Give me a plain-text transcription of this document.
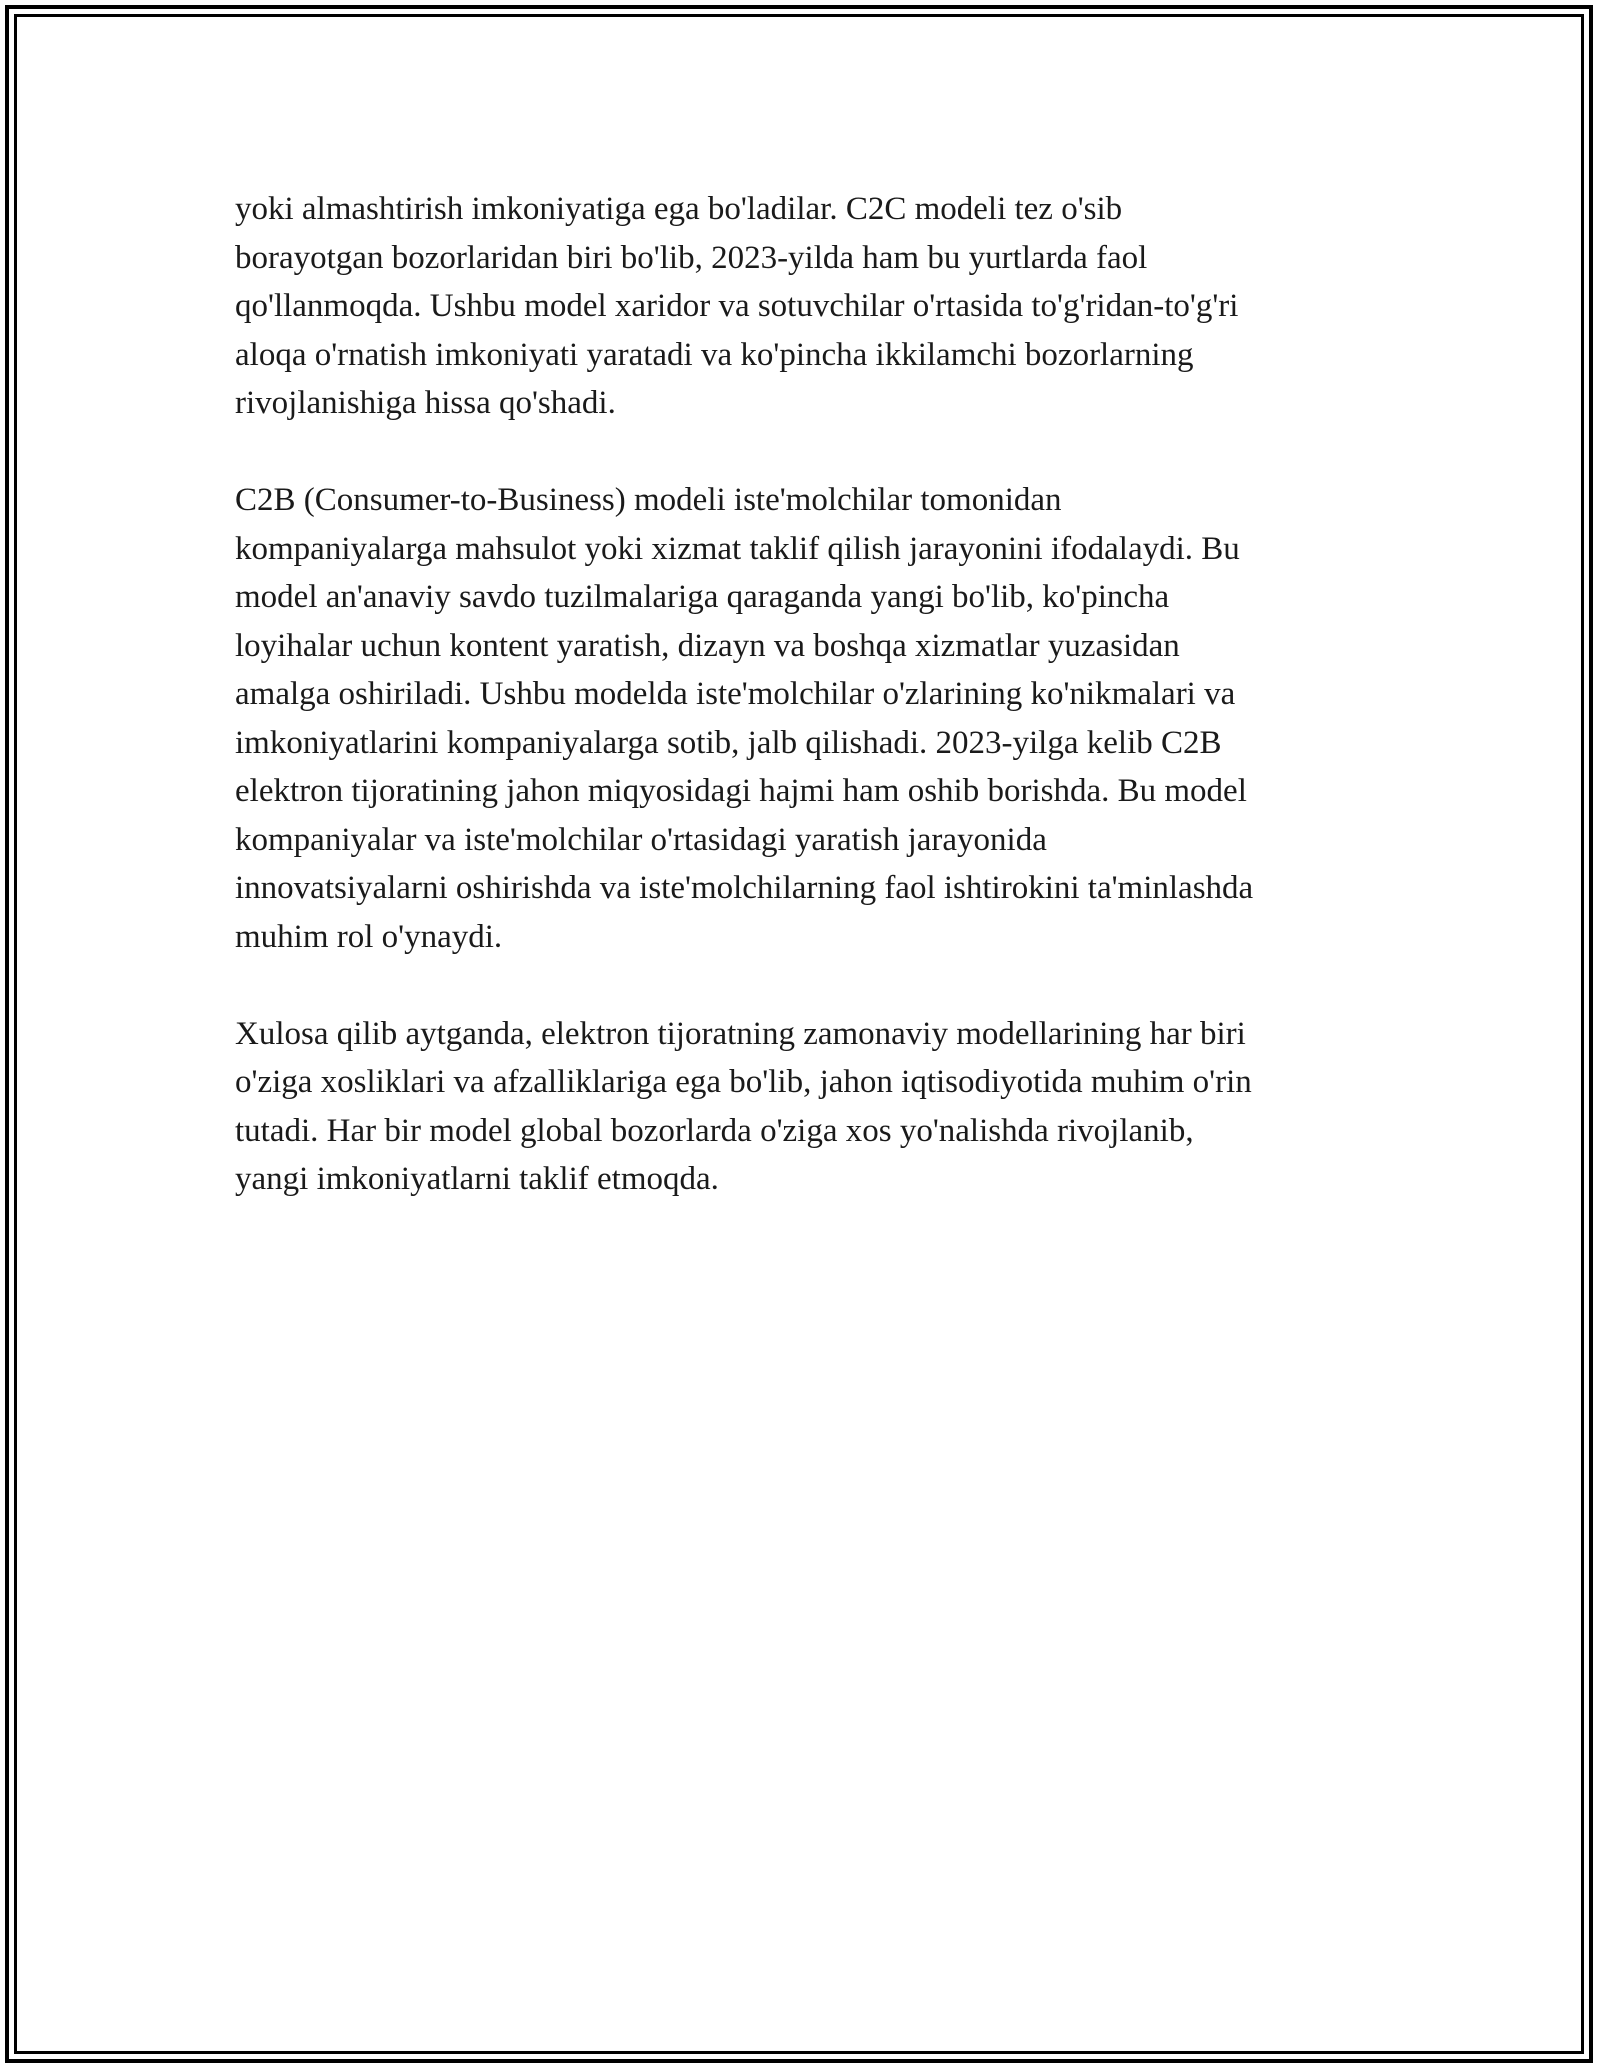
yoki almashtirish imkoniyatiga ega bo'ladilar. C2C modeli tez o'sib
borayotgan bozorlaridan biri bo'lib, 2023-yilda ham bu yurtlarda faol
qo'llanmoqda. Ushbu model xaridor va sotuvchilar o'rtasida to'g'ridan-to'g'ri
aloqa o'rnatish imkoniyati yaratadi va ko'pincha ikkilamchi bozorlarning
rivojlanishiga hissa qo'shadi.

C2B (Consumer-to-Business) modeli iste'molchilar tomonidan
kompaniyalarga mahsulot yoki xizmat taklif qilish jarayonini ifodalaydi. Bu
model an'anaviy savdo tuzilmalariga qaraganda yangi bo'lib, ko'pincha
loyihalar uchun kontent yaratish, dizayn va boshqa xizmatlar yuzasidan
amalga oshiriladi. Ushbu modelda iste'molchilar o'zlarining ko'nikmalari va
imkoniyatlarini kompaniyalarga sotib, jalb qilishadi. 2023-yilga kelib C2B
elektron tijoratining jahon miqyosidagi hajmi ham oshib borishda. Bu model
kompaniyalar va iste'molchilar o'rtasidagi yaratish jarayonida
innovatsiyalarni oshirishda va iste'molchilarning faol ishtirokini ta'minlashda
muhim rol o'ynaydi.

Xulosa qilib aytganda, elektron tijoratning zamonaviy modellarining har biri
o'ziga xosliklari va afzalliklariga ega bo'lib, jahon iqtisodiyotida muhim o'rin
tutadi. Har bir model global bozorlarda o'ziga xos yo'nalishda rivojlanib,
yangi imkoniyatlarni taklif etmoqda.
